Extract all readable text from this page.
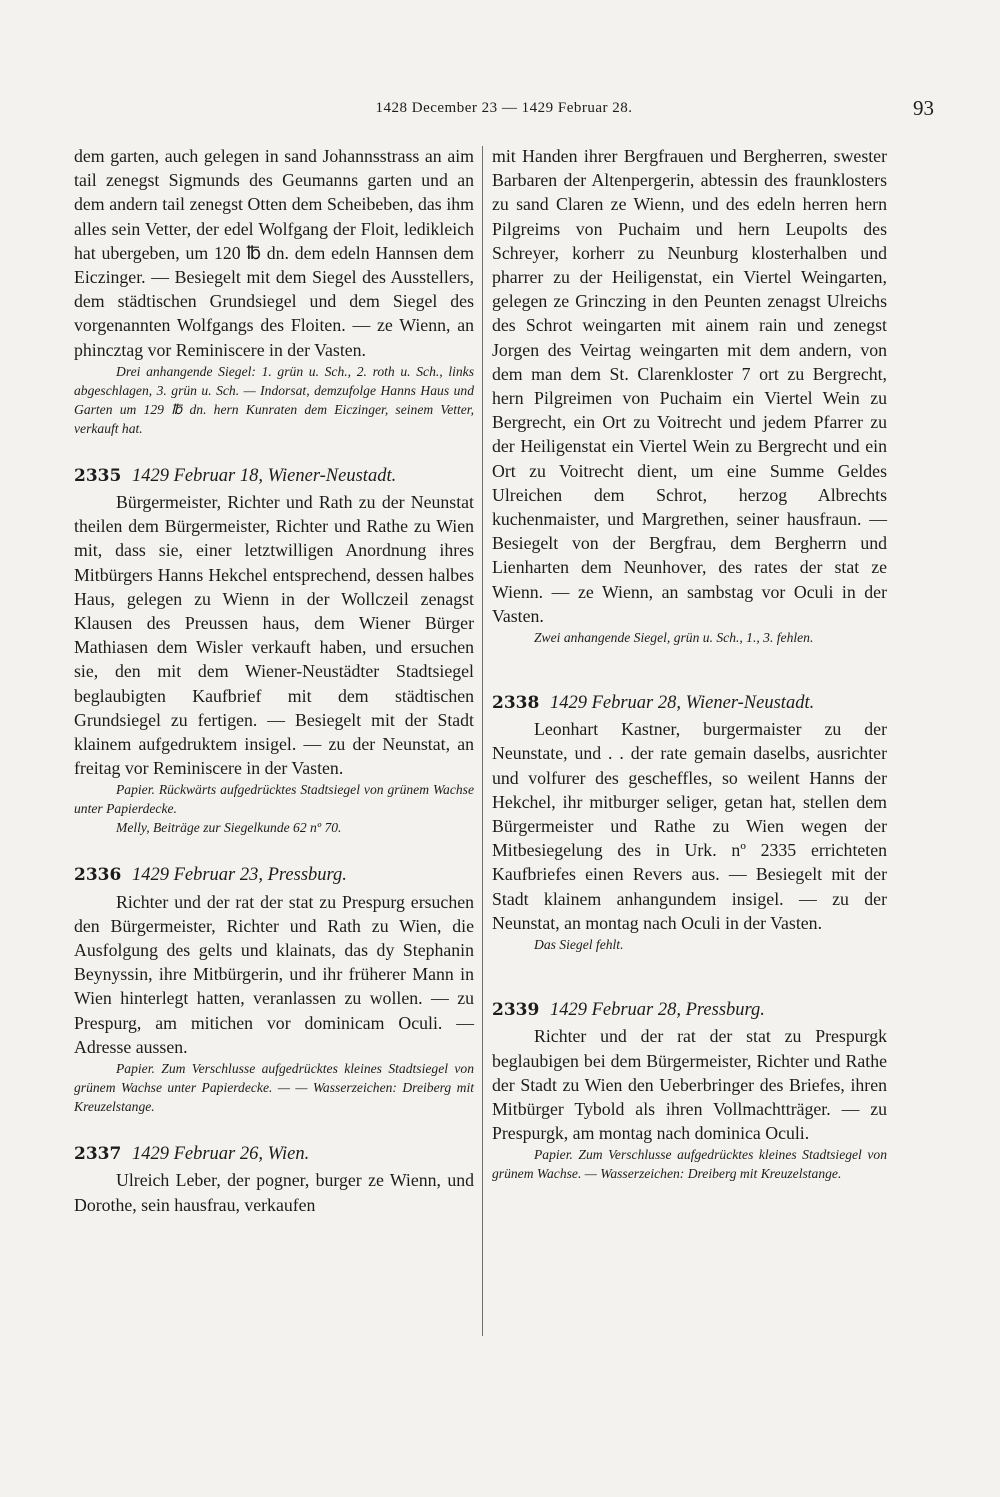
1428 December 23 — 1429 Februar 28.	93

dem garten, auch gelegen in sand Johannsstrass an aim tail zenegst Sigmunds des Geumanns garten und an dem andern tail zenegst Otten dem Scheibeben, das ihm alles sein Vetter, der edel Wolfgang der Floit, ledikleich hat ubergeben, um 120 ℔ dn. dem edeln Hannsen dem Eiczinger. — Besiegelt mit dem Siegel des Ausstellers, dem städtischen Grundsiegel und dem Siegel des vorgenannten Wolfgangs des Floiten. — ze Wienn, an phincztag vor Reminiscere in der Vasten.

Drei anhangende Siegel: 1. grün u. Sch., 2. roth u. Sch., links abgeschlagen, 3. grün u. Sch. — Indorsat, demzufolge Hanns Haus und Garten um 129 ℔ dn. hern Kunraten dem Eiczinger, seinem Vetter, verkauft hat.

2335 1429 Februar 18, Wiener-Neustadt.

Bürgermeister, Richter und Rath zu der Neunstat theilen dem Bürgermeister, Richter und Rathe zu Wien mit, dass sie, einer letztwilligen Anordnung ihres Mitbürgers Hanns Hekchel entsprechend, dessen halbes Haus, gelegen zu Wienn in der Wollczeil zenagst Klausen des Preussen haus, dem Wiener Bürger Mathiasen dem Wisler verkauft haben, und ersuchen sie, den mit dem Wiener-Neustädter Stadtsiegel beglaubigten Kaufbrief mit dem städtischen Grundsiegel zu fertigen. — Besiegelt mit der Stadt klainem aufgedruktem insigel. — zu der Neunstat, an freitag vor Reminiscere in der Vasten.

Papier. Rückwärts aufgedrücktes Stadtsiegel von grünem Wachse unter Papierdecke.

Melly, Beiträge zur Siegelkunde 62 nº 70.

2336 1429 Februar 23, Pressburg.

Richter und der rat der stat zu Prespurg ersuchen den Bürgermeister, Richter und Rath zu Wien, die Ausfolgung des gelts und klainats, das dy Stephanin Beynyssin, ihre Mitbürgerin, und ihr früherer Mann in Wien hinterlegt hatten, veranlassen zu wollen. — zu Prespurg, am mitichen vor dominicam Oculi. — Adresse aussen.

Papier. Zum Verschlusse aufgedrücktes kleines Stadtsiegel von grünem Wachse unter Papierdecke. — — Wasserzeichen: Dreiberg mit Kreuzelstange.

2337 1429 Februar 26, Wien.

Ulreich Leber, der pogner, burger ze Wienn, und Dorothe, sein hausfrau, verkaufen

mit Handen ihrer Bergfrauen und Bergherren, swester Barbaren der Altenpergerin, abtessin des fraunklosters zu sand Claren ze Wienn, und des edeln herren hern Pilgreims von Puchaim und hern Leupolts des Schreyer, korherr zu Neunburg klosterhalben und pharrer zu der Heiligenstat, ein Viertel Weingarten, gelegen ze Grinczing in den Peunten zenagst Ulreichs des Schrot weingarten mit ainem rain und zenegst Jorgen des Veirtag weingarten mit dem andern, von dem man dem St. Clarenkloster 7 ort zu Bergrecht, hern Pilgreimen von Puchaim ein Viertel Wein zu Bergrecht, ein Ort zu Voitrecht und jedem Pfarrer zu der Heiligenstat ein Viertel Wein zu Bergrecht und ein Ort zu Voitrecht dient, um eine Summe Geldes Ulreichen dem Schrot, herzog Albrechts kuchenmaister, und Margrethen, seiner hausfraun. — Besiegelt von der Bergfrau, dem Bergherrn und Lienharten dem Neunhover, des rates der stat ze Wienn. — ze Wienn, an sambstag vor Oculi in der Vasten.

Zwei anhangende Siegel, grün u. Sch., 1., 3. fehlen.

2338 1429 Februar 28, Wiener-Neustadt.

Leonhart Kastner, burgermaister zu der Neunstate, und . . der rate gemain daselbs, ausrichter und volfurer des gescheffles, so weilent Hanns der Hekchel, ihr mitburger seliger, getan hat, stellen dem Bürgermeister und Rathe zu Wien wegen der Mitbesiegelung des in Urk. nº 2335 errichteten Kaufbriefes einen Revers aus. — Besiegelt mit der Stadt klainem anhangundem insigel. — zu der Neunstat, an montag nach Oculi in der Vasten.

Das Siegel fehlt.

2339 1429 Februar 28, Pressburg.

Richter und der rat der stat zu Prespurgk beglaubigen bei dem Bürgermeister, Richter und Rathe der Stadt zu Wien den Ueberbringer des Briefes, ihren Mitbürger Tybold als ihren Vollmachtträger. — zu Prespurgk, am montag nach dominica Oculi.

Papier. Zum Verschlusse aufgedrücktes kleines Stadtsiegel von grünem Wachse. — Wasserzeichen: Dreiberg mit Kreuzelstange.
